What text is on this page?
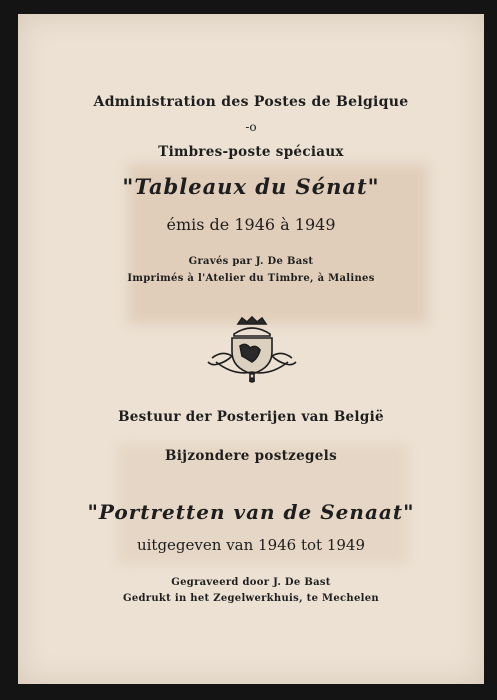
Administration des Postes de Belgique
-o
Timbres-poste spéciaux
"Tableaux du Sénat"
émis de 1946 à 1949
Gravés par J. De Bast
Imprimés à l'Atelier du Timbre, à Malines
Bestuur der Posterijen van België
Bijzondere postzegels
"Portretten van de Senaat"
uitgegeven van 1946 tot 1949
Gegraveerd door J. De Bast
Gedrukt in het Zegelwerkhuis, te Mechelen
